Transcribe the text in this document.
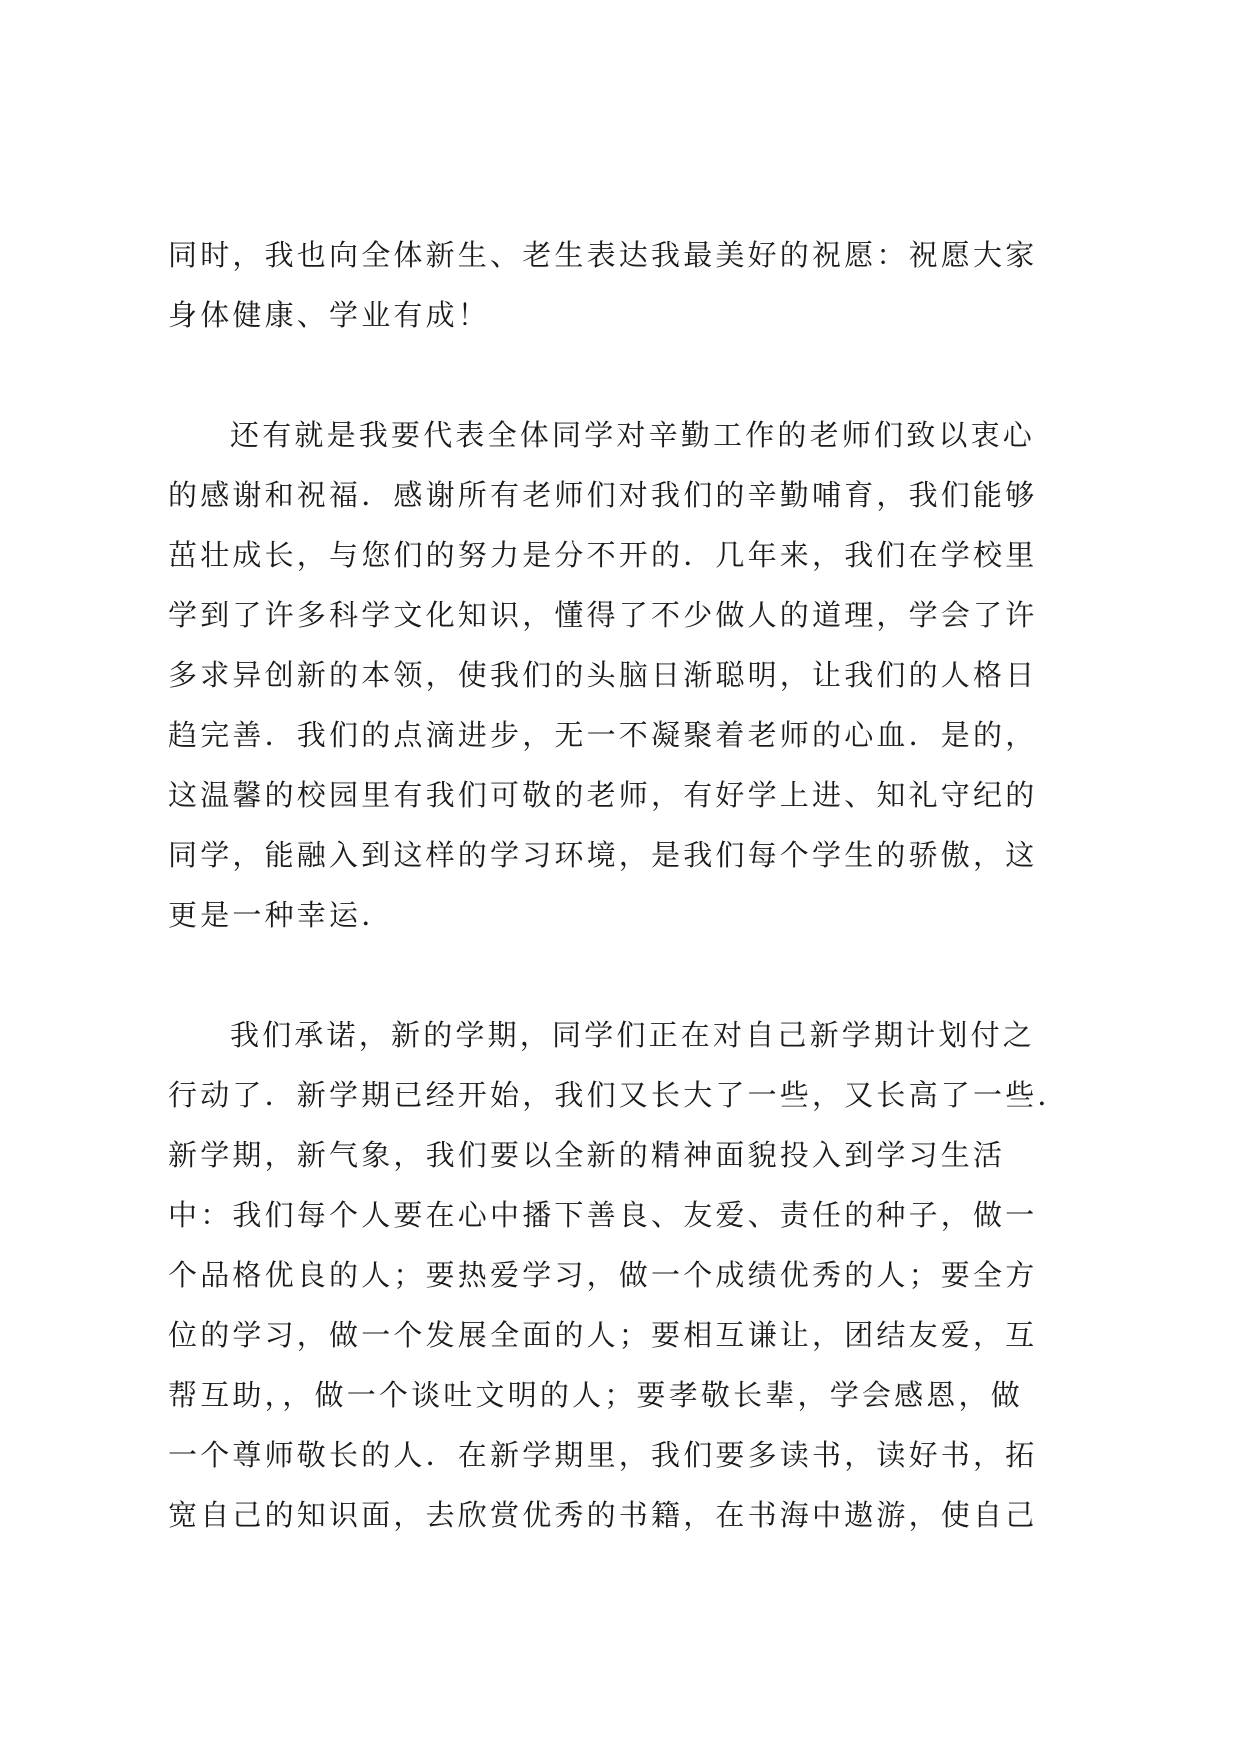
同时，我也向全体新生、老生表达我最美好的祝愿：祝愿大家
身体健康、学业有成！
还有就是我要代表全体同学对辛勤工作的老师们致以衷心
的感谢和祝福．感谢所有老师们对我们的辛勤哺育，我们能够
茁壮成长，与您们的努力是分不开的．几年来，我们在学校里
学到了许多科学文化知识，懂得了不少做人的道理，学会了许
多求异创新的本领，使我们的头脑日渐聪明，让我们的人格日
趋完善．我们的点滴进步，无一不凝聚着老师的心血．是的，
这温馨的校园里有我们可敬的老师，有好学上进、知礼守纪的
同学，能融入到这样的学习环境，是我们每个学生的骄傲，这
更是一种幸运．
我们承诺，新的学期，同学们正在对自己新学期计划付之
行动了．新学期已经开始，我们又长大了一些，又长高了一些．
新学期，新气象，我们要以全新的精神面貌投入到学习生活
中：我们每个人要在心中播下善良、友爱、责任的种子，做一
个品格优良的人；要热爱学习，做一个成绩优秀的人；要全方
位的学习，做一个发展全面的人；要相互谦让，团结友爱，互
帮互助，，做一个谈吐文明的人；要孝敬长辈，学会感恩，做
一个尊师敬长的人．在新学期里，我们要多读书，读好书，拓
宽自己的知识面，去欣赏优秀的书籍，在书海中遨游，使自己
